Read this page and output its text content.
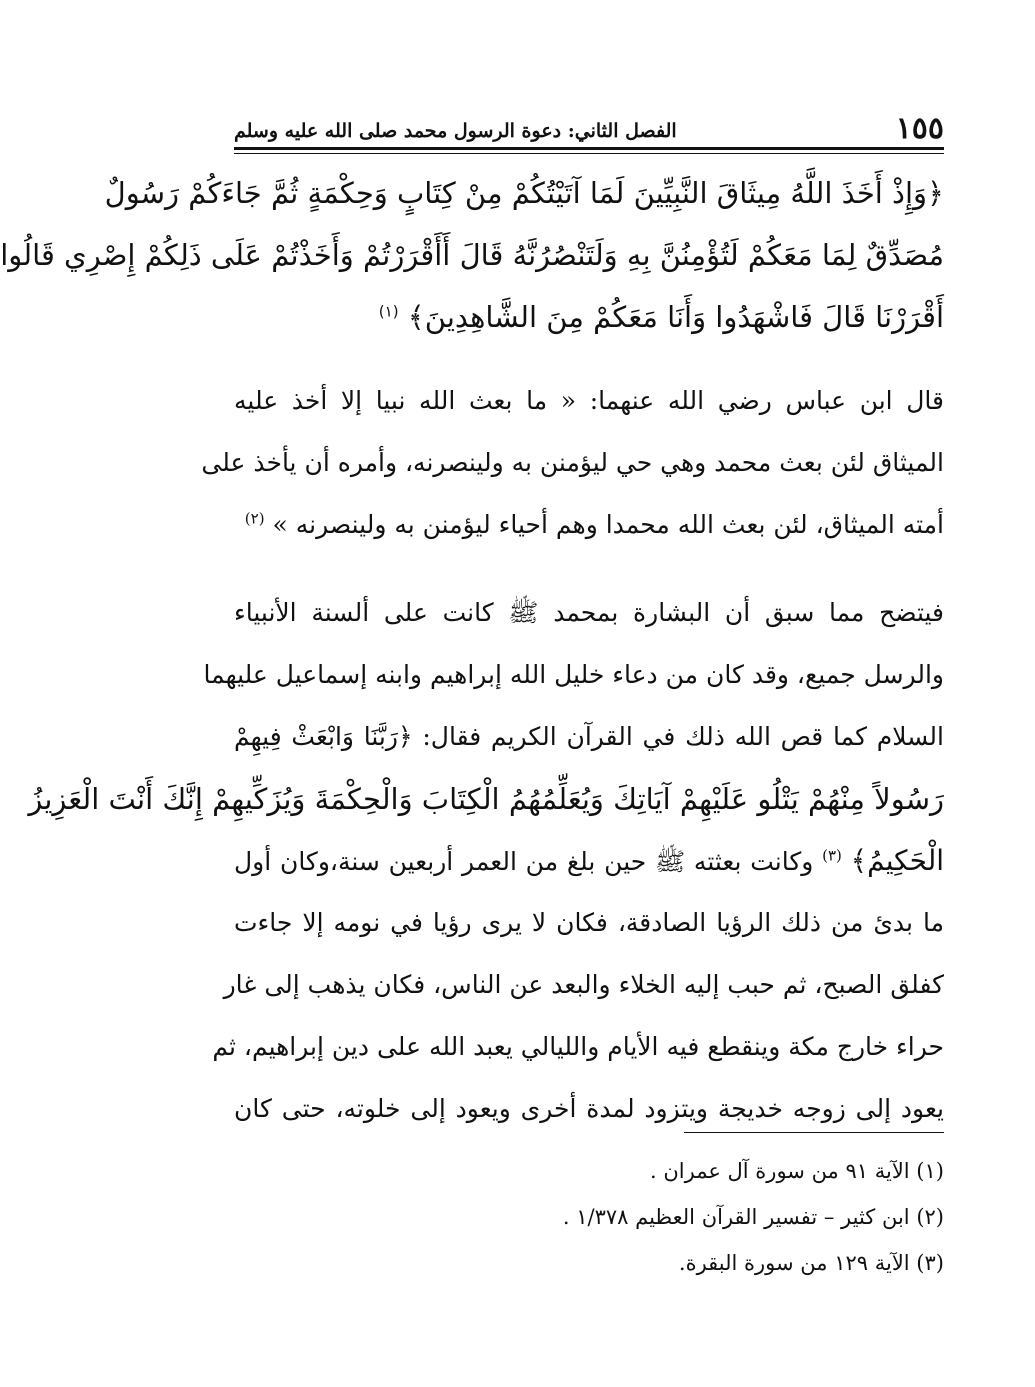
١٥٥
الفصل الثاني: دعوة الرسول محمد صلى الله عليه وسلم
﴿وَإِذْ أَخَذَ اللَّهُ مِيثَاقَ النَّبِيِّينَ لَمَا آتَيْتُكُمْ مِنْ كِتَابٍ وَحِكْمَةٍ ثُمَّ جَاءَكُمْ رَسُولٌ
مُصَدِّقٌ لِمَا مَعَكُمْ لَتُؤْمِنُنَّ بِهِ وَلَتَنْصُرُنَّهُ قَالَ أَأَقْرَرْتُمْ وَأَخَذْتُمْ عَلَى ذَلِكُمْ إِصْرِي قَالُوا
أَقْرَرْنَا قَالَ فَاشْهَدُوا وَأَنَا مَعَكُمْ مِنَ الشَّاهِدِينَ﴾ $^{(١)}$
قال ابن عباس رضي الله عنهما: « ما بعث الله نبيا إلا أخذ عليه
الميثاق لئن بعث محمد وهي حي ليؤمنن به ولينصرنه، وأمره أن يأخذ على
أمته الميثاق، لئن بعث الله محمدا وهم أحياء ليؤمنن به ولينصرنه » $^{(٢)}$
فيتضح مما سبق أن البشارة بمحمد ﷺ كانت على ألسنة الأنبياء
والرسل جميع، وقد كان من دعاء خليل الله إبراهيم وابنه إسماعيل عليهما
السلام كما قص الله ذلك في القرآن الكريم فقال: ﴿رَبَّنَا وَابْعَثْ فِيهِمْ
رَسُولاً مِنْهُمْ يَتْلُو عَلَيْهِمْ آيَاتِكَ وَيُعَلِّمُهُمُ الْكِتَابَ وَالْحِكْمَةَ وَيُزَكِّيهِمْ إِنَّكَ أَنْتَ الْعَزِيزُ
الْحَكِيمُ﴾ $^{(٣)}$ وكانت بعثته ﷺ حين بلغ من العمر أربعين سنة،وكان أول
ما بدئ من ذلك الرؤيا الصادقة، فكان لا يرى رؤيا في نومه إلا جاءت
كفلق الصبح، ثم حبب إليه الخلاء والبعد عن الناس، فكان يذهب إلى غار
حراء خارج مكة وينقطع فيه الأيام والليالي يعبد الله على دين إبراهيم، ثم
يعود إلى زوجه خديجة ويتزود لمدة أخرى ويعود إلى خلوته، حتى كان
(١) الآية ٩١ من سورة آل عمران .
(٢) ابن كثير – تفسير القرآن العظيم ١/٣٧٨ .
(٣) الآية ١٢٩ من سورة البقرة.
